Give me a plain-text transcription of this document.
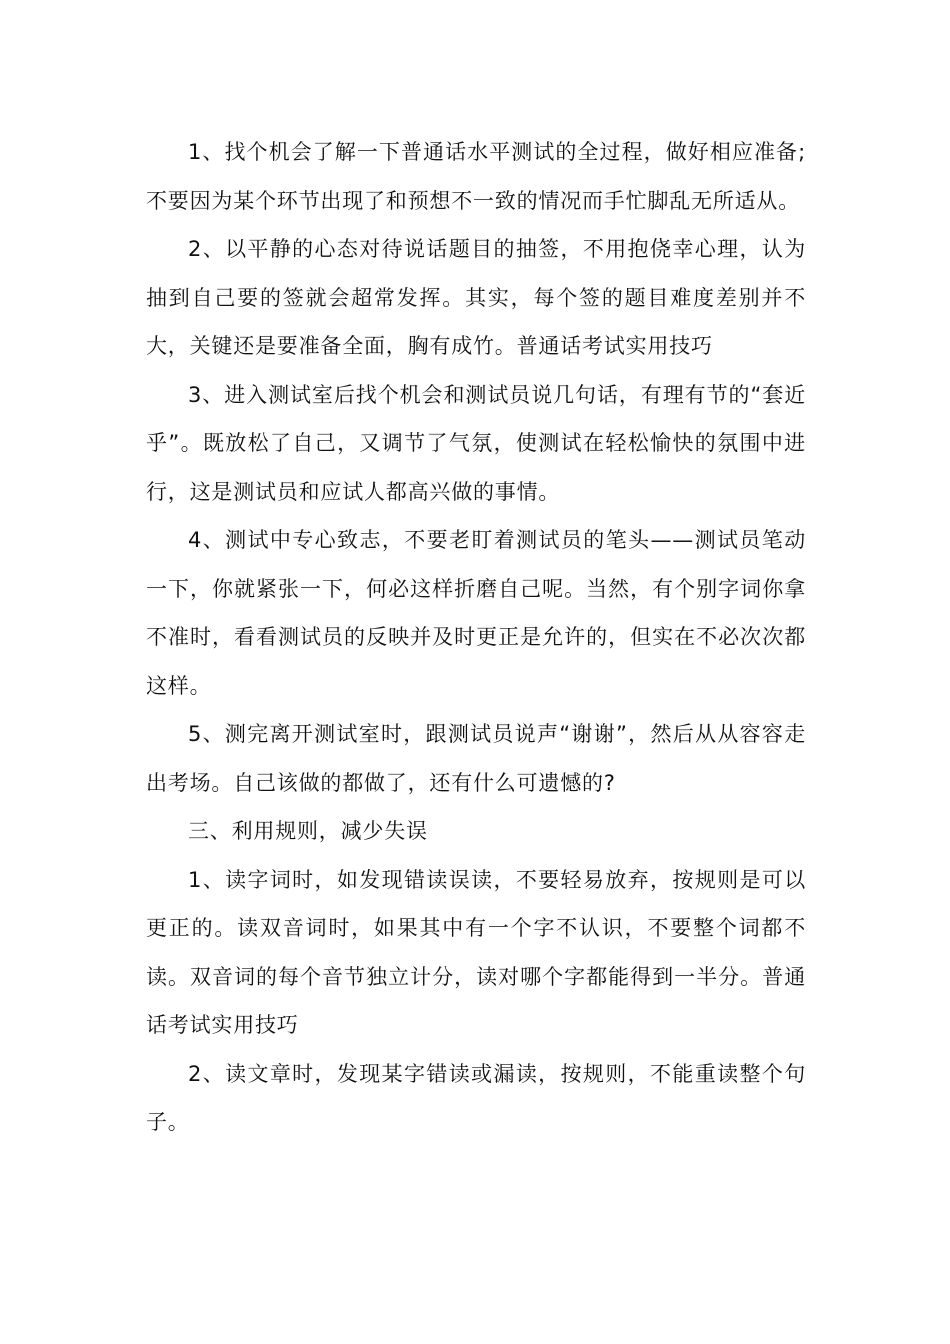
1、找个机会了解一下普通话水平测试的全过程，做好相应准备;不要因为某个环节出现了和预想不一致的情况而手忙脚乱无所适从。

2、以平静的心态对待说话题目的抽签，不用抱侥幸心理，认为抽到自己要的签就会超常发挥。其实，每个签的题目难度差别并不大，关键还是要准备全面，胸有成竹。普通话考试实用技巧

3、进入测试室后找个机会和测试员说几句话，有理有节的“套近乎”。既放松了自己，又调节了气氛，使测试在轻松愉快的氛围中进行，这是测试员和应试人都高兴做的事情。

4、测试中专心致志，不要老盯着测试员的笔头——测试员笔动一下，你就紧张一下，何必这样折磨自己呢。当然，有个别字词你拿不准时，看看测试员的反映并及时更正是允许的，但实在不必次次都这样。

5、测完离开测试室时，跟测试员说声“谢谢”，然后从从容容走出考场。自己该做的都做了，还有什么可遗憾的?

三、利用规则，减少失误

1、读字词时，如发现错读误读，不要轻易放弃，按规则是可以更正的。读双音词时，如果其中有一个字不认识，不要整个词都不读。双音词的每个音节独立计分，读对哪个字都能得到一半分。普通话考试实用技巧

2、读文章时，发现某字错读或漏读，按规则，不能重读整个句子。
